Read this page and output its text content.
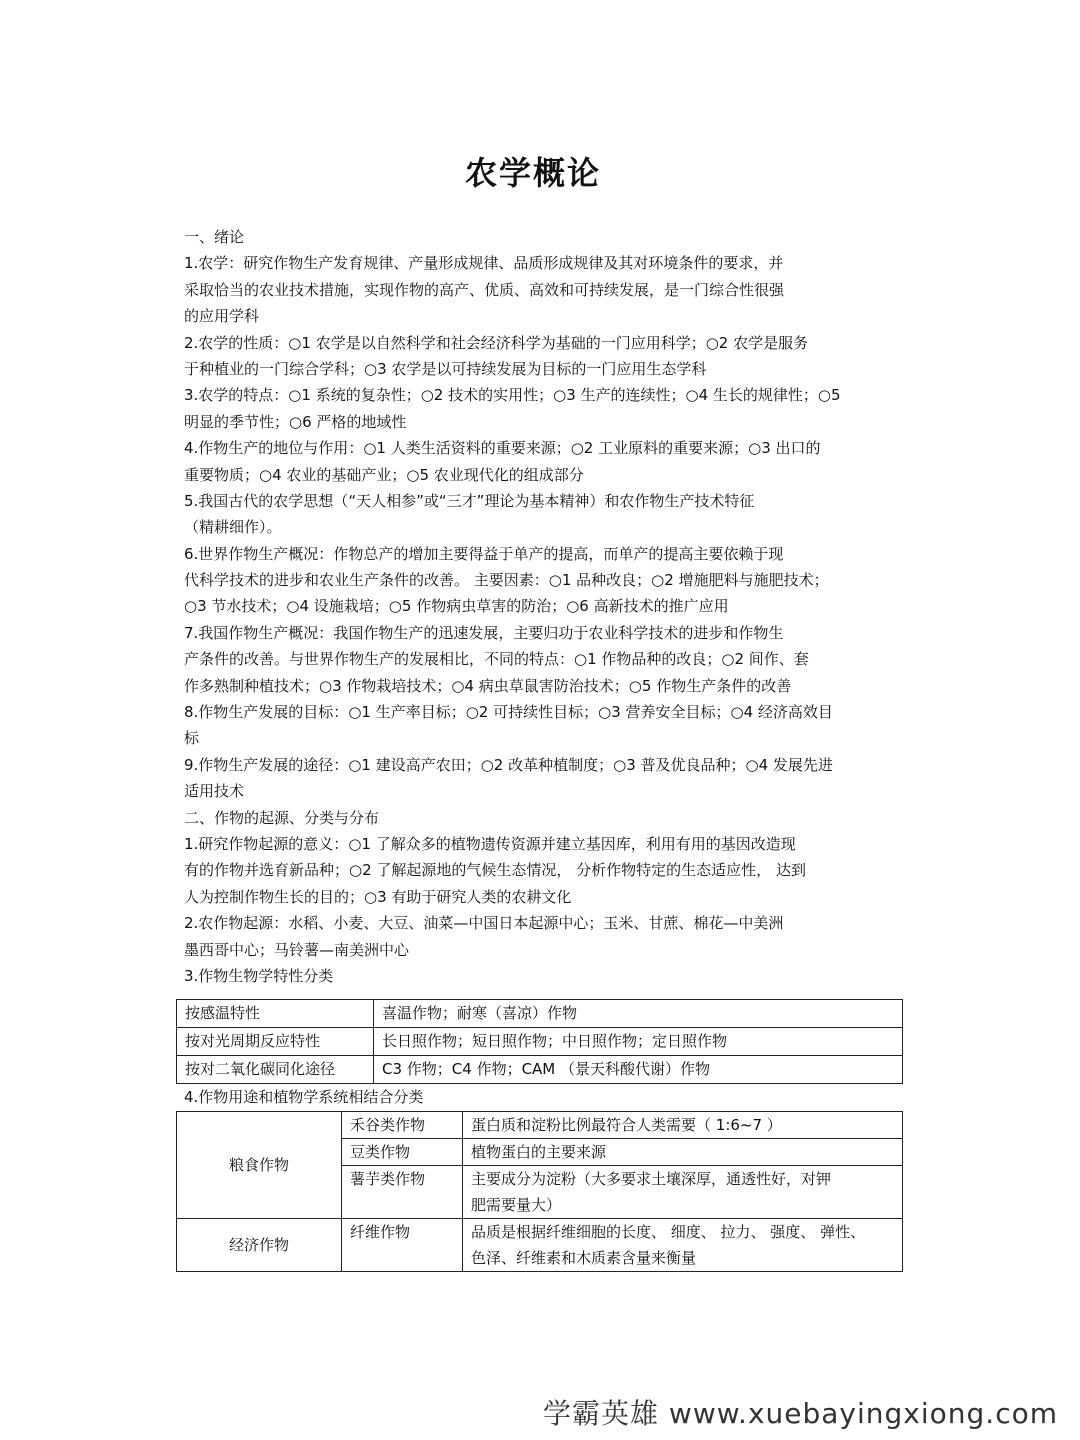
农学概论
一、绪论
1.农学：研究作物生产发育规律、产量形成规律、品质形成规律及其对环境条件的要求，并
采取恰当的农业技术措施，实现作物的高产、优质、高效和可持续发展，是一门综合性很强
的应用学科
2.农学的性质：○1 农学是以自然科学和社会经济科学为基础的一门应用科学；○2 农学是服务
于种植业的一门综合学科；○3 农学是以可持续发展为目标的一门应用生态学科
3.农学的特点：○1 系统的复杂性；○2 技术的实用性；○3 生产的连续性；○4 生长的规律性；○5
明显的季节性；○6 严格的地域性
4.作物生产的地位与作用：○1 人类生活资料的重要来源；○2 工业原料的重要来源；○3 出口的
重要物质；○4 农业的基础产业；○5 农业现代化的组成部分
5.我国古代的农学思想（“天人相参”或“三才”理论为基本精神）和农作物生产技术特征
（精耕细作）。
6.世界作物生产概况：作物总产的增加主要得益于单产的提高，而单产的提高主要依赖于现
代科学技术的进步和农业生产条件的改善。 主要因素：○1 品种改良；○2 增施肥料与施肥技术；
○3 节水技术；○4 设施栽培；○5 作物病虫草害的防治；○6 高新技术的推广应用
7.我国作物生产概况：我国作物生产的迅速发展，主要归功于农业科学技术的进步和作物生
产条件的改善。与世界作物生产的发展相比，不同的特点：○1 作物品种的改良；○2 间作、套
作多熟制种植技术；○3 作物栽培技术；○4 病虫草鼠害防治技术；○5 作物生产条件的改善
8.作物生产发展的目标：○1 生产率目标；○2 可持续性目标；○3 营养安全目标；○4 经济高效目
标
9.作物生产发展的途径：○1 建设高产农田；○2 改革种植制度；○3 普及优良品种；○4 发展先进
适用技术
二、作物的起源、分类与分布
1.研究作物起源的意义：○1 了解众多的植物遗传资源并建立基因库，利用有用的基因改造现
有的作物并选育新品种；○2 了解起源地的气候生态情况， 分析作物特定的生态适应性， 达到
人为控制作物生长的目的；○3 有助于研究人类的农耕文化
2.农作物起源：水稻、小麦、大豆、油菜—中国日本起源中心；玉米、甘蔗、棉花—中美洲
墨西哥中心；马铃薯—南美洲中心
3.作物生物学特性分类
按感温特性	喜温作物；耐寒（喜凉）作物
按对光周期反应特性	长日照作物；短日照作物；中日照作物；定日照作物
按对二氧化碳同化途径	C3 作物；C4 作物；CAM （景天科酸代谢）作物
4.作物用途和植物学系统相结合分类
粮食作物	禾谷类作物	蛋白质和淀粉比例最符合人类需要（ 1:6~7 ）
	豆类作物	植物蛋白的主要来源
	薯芋类作物	主要成分为淀粉（大多要求土壤深厚，通透性好，对钾
肥需要量大）

经济作物	纤维作物	品质是根据纤维细胞的长度、 细度、 拉力、 强度、 弹性、
色泽、纤维素和木质素含量来衡量
学霸英雄 www.xuebayingxiong.com
